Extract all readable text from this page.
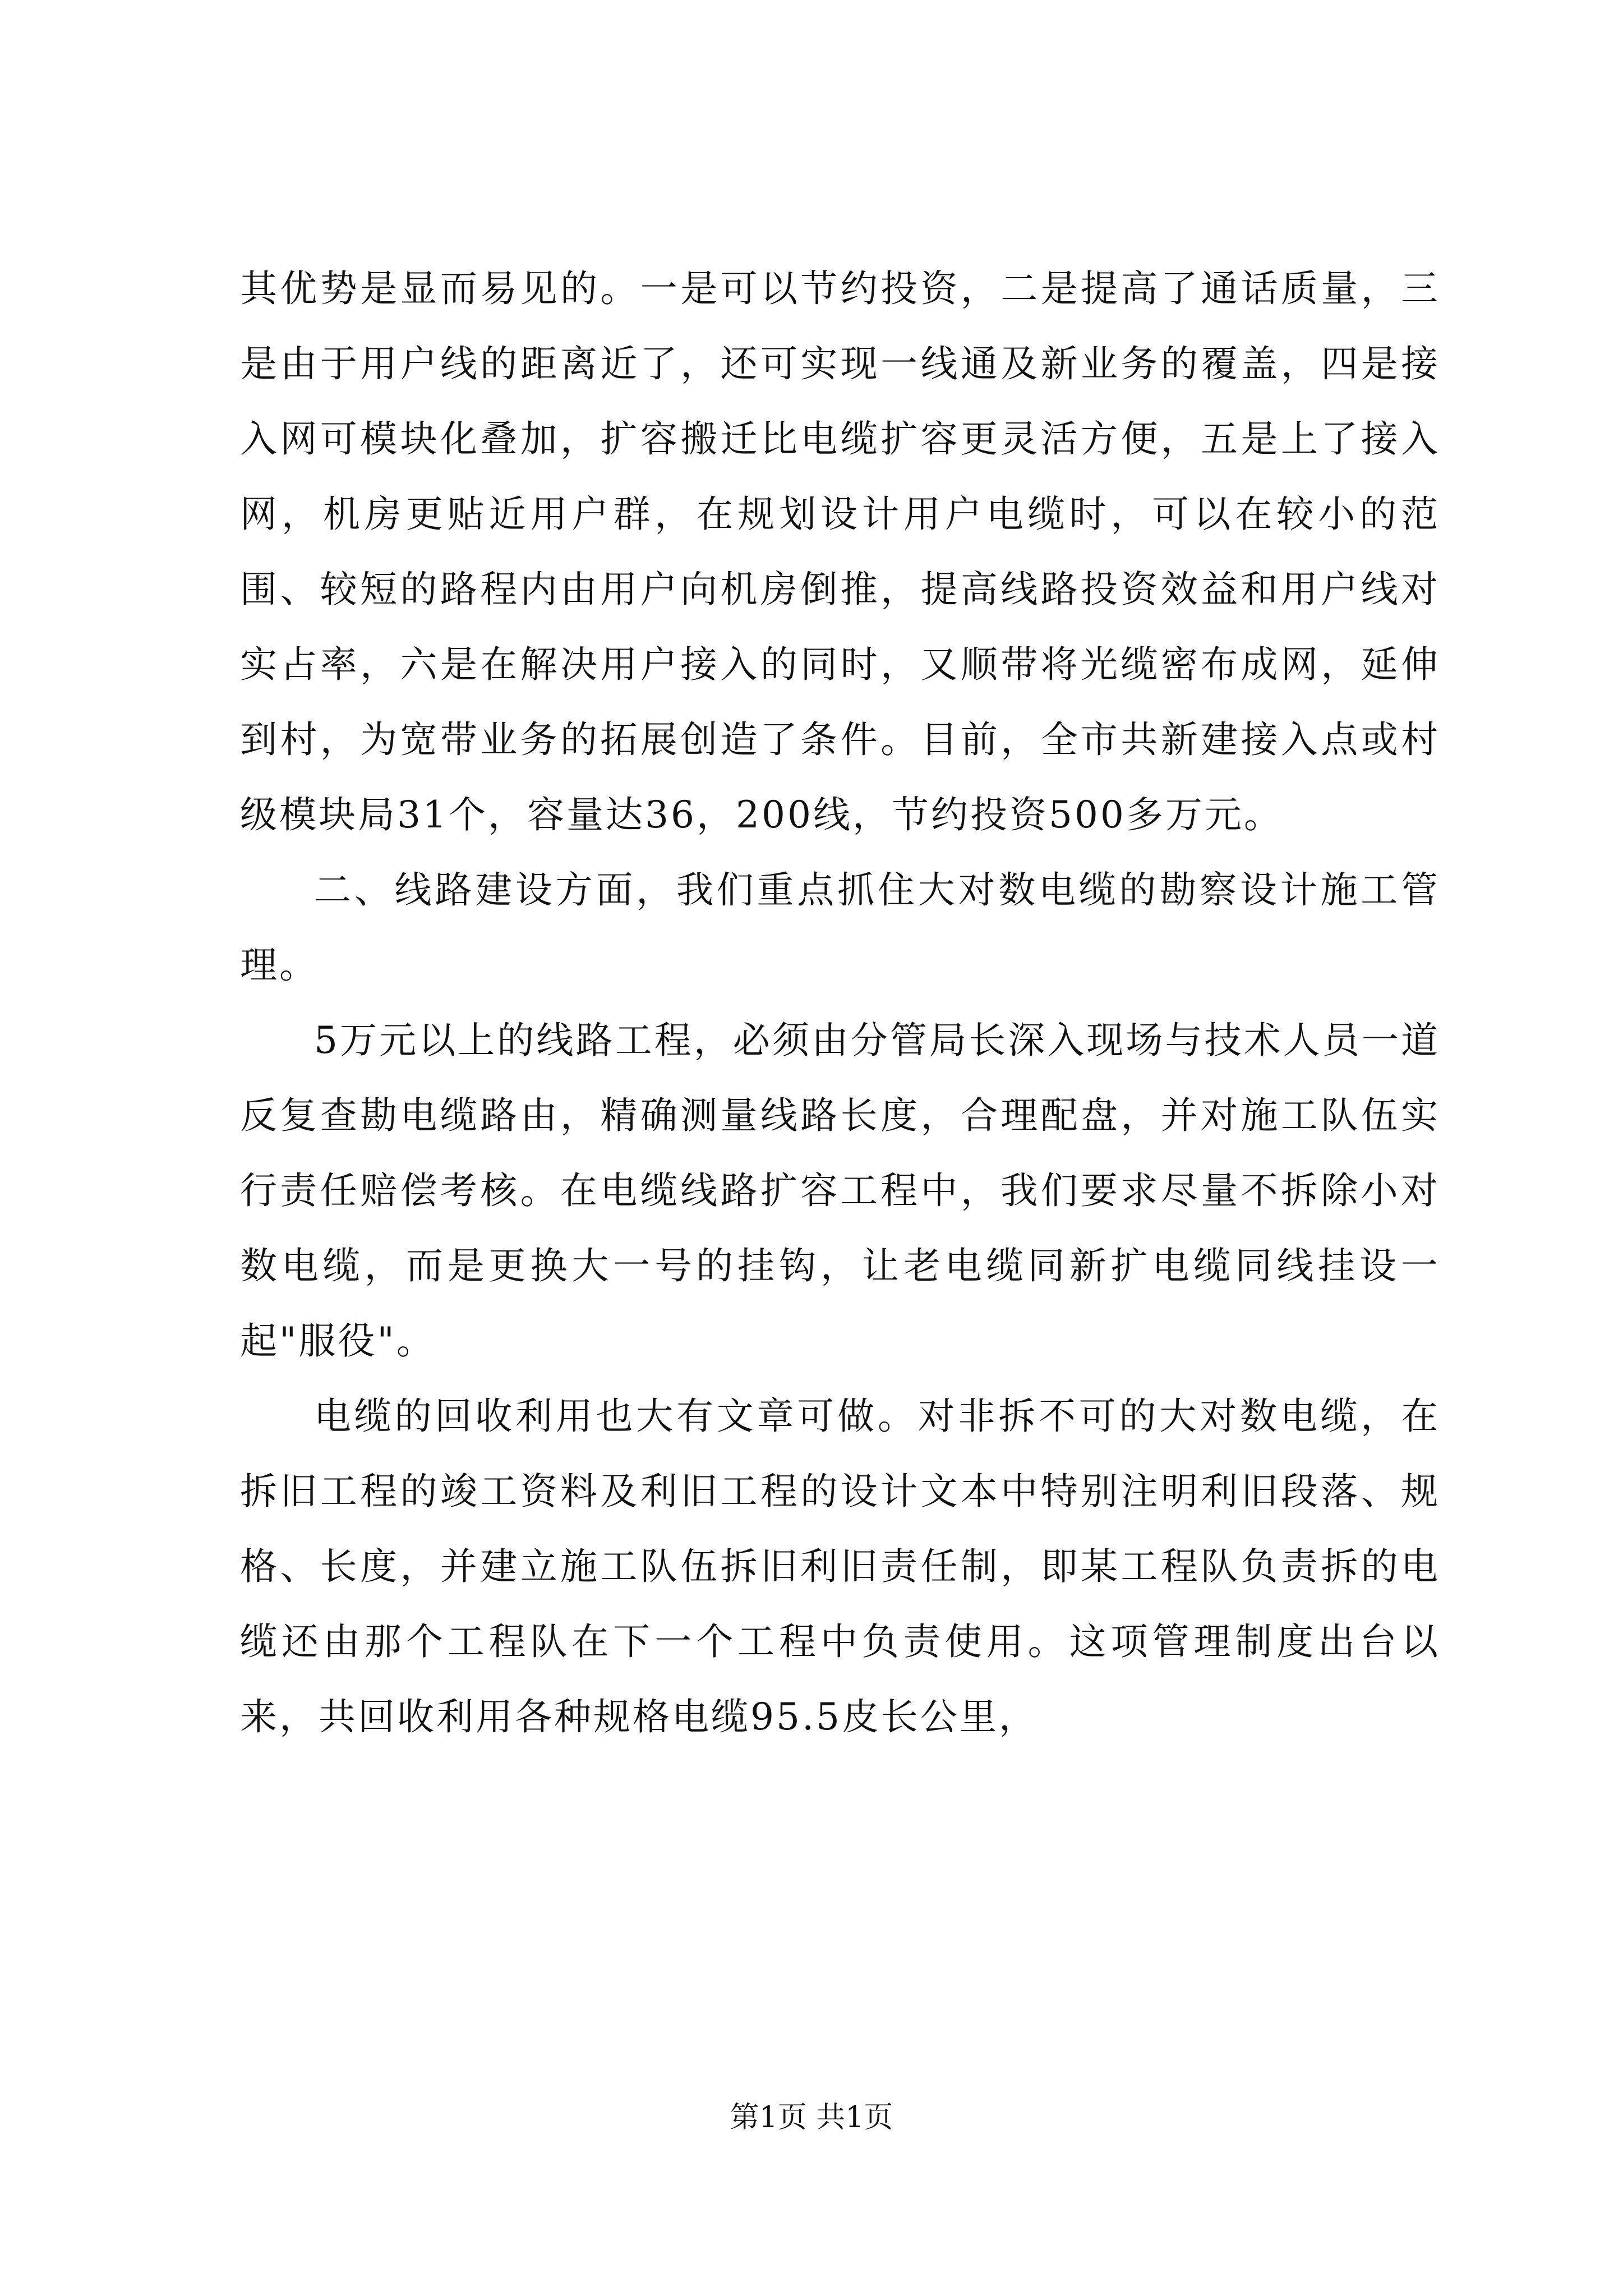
其优势是显而易见的。一是可以节约投资，二是提高了通话质量，三是由于用户线的距离近了，还可实现一线通及新业务的覆盖，四是接入网可模块化叠加，扩容搬迁比电缆扩容更灵活方便，五是上了接入网，机房更贴近用户群，在规划设计用户电缆时，可以在较小的范围、较短的路程内由用户向机房倒推，提高线路投资效益和用户线对实占率，六是在解决用户接入的同时，又顺带将光缆密布成网，延伸到村，为宽带业务的拓展创造了条件。目前，全市共新建接入点或村级模块局31个，容量达36，200线，节约投资500多万元。

二、线路建设方面，我们重点抓住大对数电缆的勘察设计施工管理。

5万元以上的线路工程，必须由分管局长深入现场与技术人员一道反复查勘电缆路由，精确测量线路长度，合理配盘，并对施工队伍实行责任赔偿考核。在电缆线路扩容工程中，我们要求尽量不拆除小对数电缆，而是更换大一号的挂钩，让老电缆同新扩电缆同线挂设一起"服役"。

电缆的回收利用也大有文章可做。对非拆不可的大对数电缆，在拆旧工程的竣工资料及利旧工程的设计文本中特别注明利旧段落、规格、长度，并建立施工队伍拆旧利旧责任制，即某工程队负责拆的电缆还由那个工程队在下一个工程中负责使用。这项管理制度出台以来，共回收利用各种规格电缆95.5皮长公里，

第1页 共1页
